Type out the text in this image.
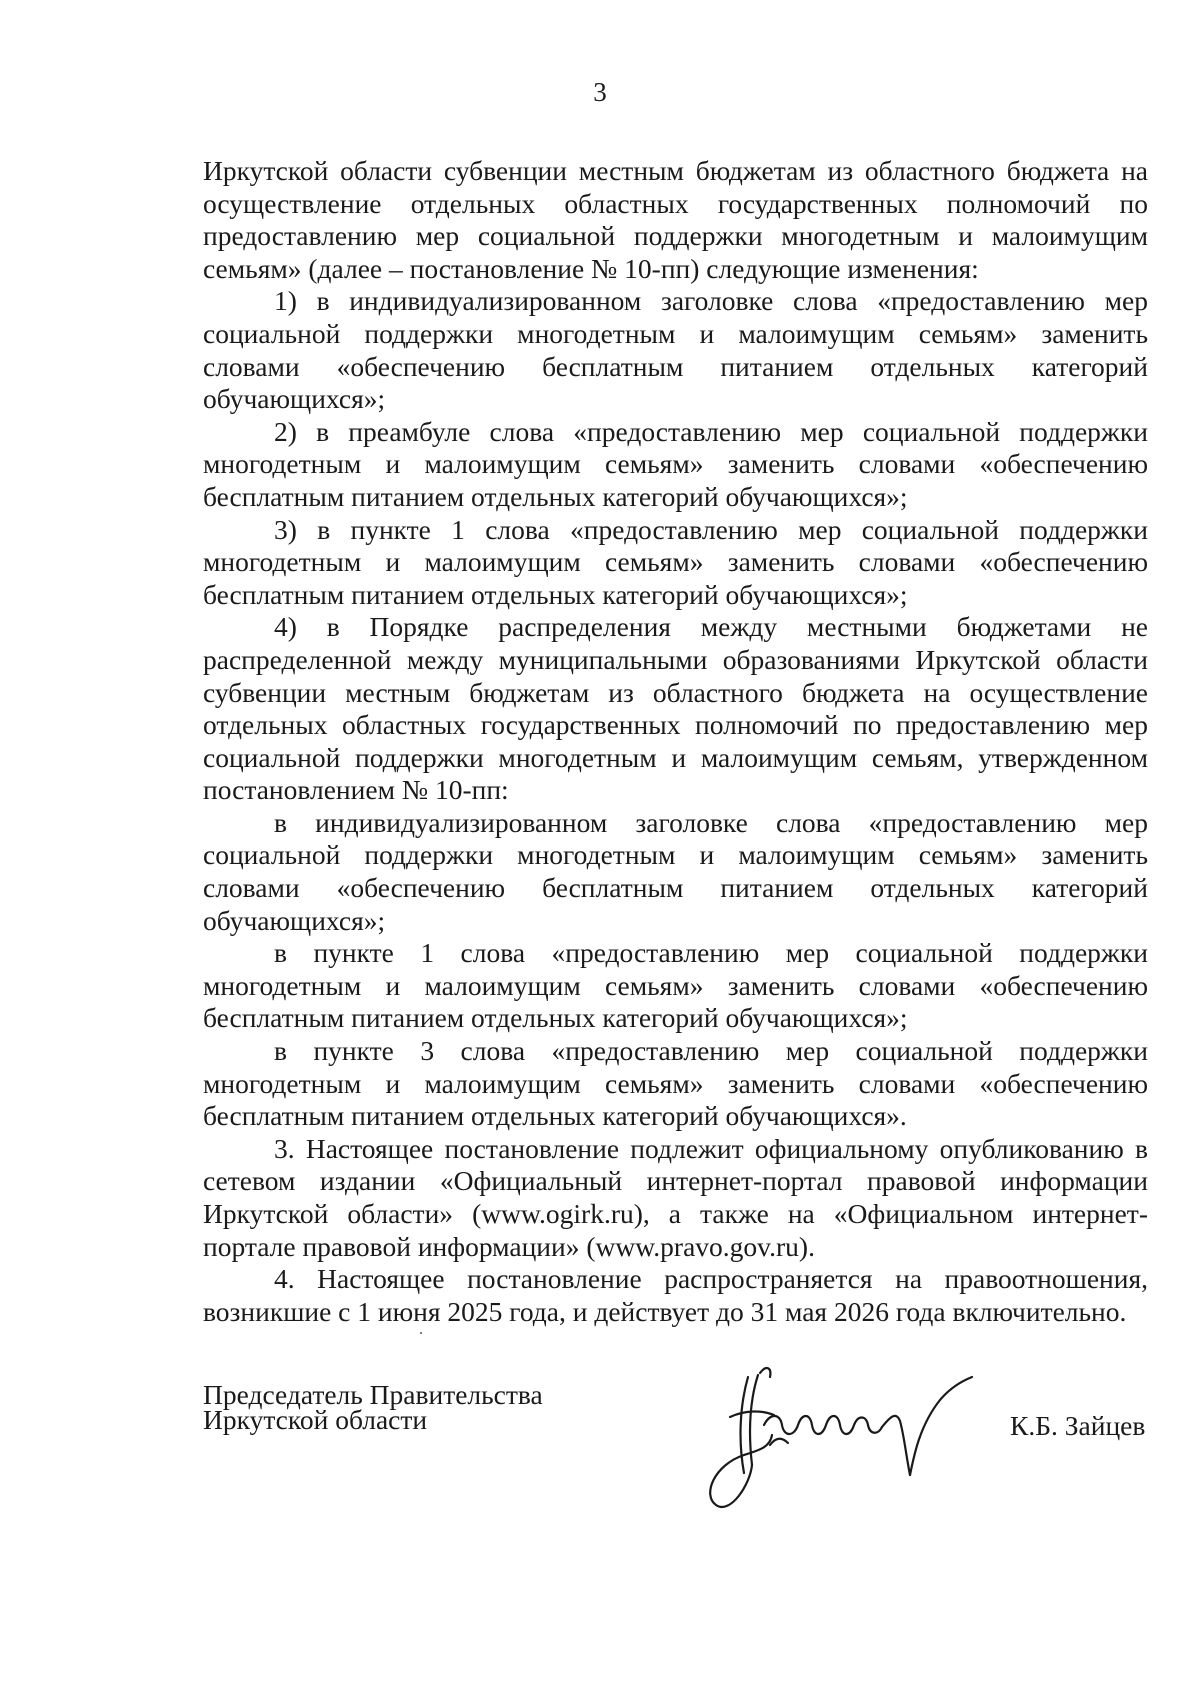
3

Иркутской области субвенции местным бюджетам из областного бюджета на осуществление отдельных областных государственных полномочий по предоставлению мер социальной поддержки многодетным и малоимущим семьям» (далее – постановление № 10-пп) следующие изменения:

1) в индивидуализированном заголовке слова «предоставлению мер социальной поддержки многодетным и малоимущим семьям» заменить словами «обеспечению бесплатным питанием отдельных категорий обучающихся»;

2) в преамбуле слова «предоставлению мер социальной поддержки многодетным и малоимущим семьям» заменить словами «обеспечению бесплатным питанием отдельных категорий обучающихся»;

3) в пункте 1 слова «предоставлению мер социальной поддержки многодетным и малоимущим семьям» заменить словами «обеспечению бесплатным питанием отдельных категорий обучающихся»;

4) в Порядке распределения между местными бюджетами не распределенной между муниципальными образованиями Иркутской области субвенции местным бюджетам из областного бюджета на осуществление отдельных областных государственных полномочий по предоставлению мер социальной поддержки многодетным и малоимущим семьям, утвержденном постановлением № 10-пп:

в индивидуализированном заголовке слова «предоставлению мер социальной поддержки многодетным и малоимущим семьям» заменить словами «обеспечению бесплатным питанием отдельных категорий обучающихся»;

в пункте 1 слова «предоставлению мер социальной поддержки многодетным и малоимущим семьям» заменить словами «обеспечению бесплатным питанием отдельных категорий обучающихся»;

в пункте 3 слова «предоставлению мер социальной поддержки многодетным и малоимущим семьям» заменить словами «обеспечению бесплатным питанием отдельных категорий обучающихся».

3. Настоящее постановление подлежит официальному опубликованию в сетевом издании «Официальный интернет-портал правовой информации Иркутской области» (www.ogirk.ru), а также на «Официальном интернет-портале правовой информации» (www.pravo.gov.ru).

4. Настоящее постановление распространяется на правоотношения, возникшие с 1 июня 2025 года, и действует до 31 мая 2026 года включительно.

Председатель Правительства
Иркутской области	К.Б. Зайцев
